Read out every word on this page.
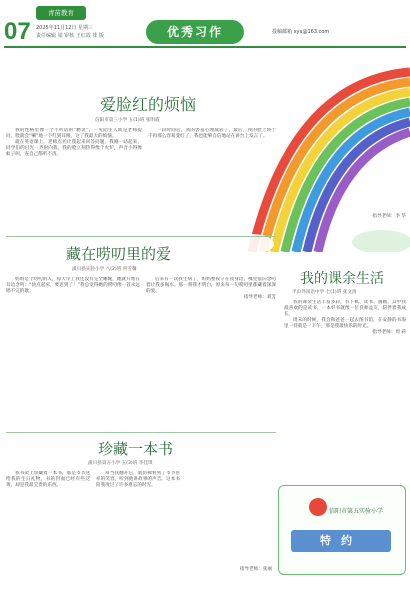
07
青苗教育
2025年11月12日 星期三
责任编辑 梁 审核 王红霞 排 版	优秀习作	投稿邮箱 xyx@163.com
爱脸红的烦恼
信阳市第三小学 五(1)班 张明霞

我的性格里像一个不听话的“精灵”，一见陌生人或是老师提问，脸就会“唰”地一下红到耳根，这了我最大的烦恼。

就在英语课上，老师点名让我起来回答问题，我刚一站起来，同学们的目光一齐射向我，我的脸立刻热得像个火炉，声音小得像蚊子叫，连自己都听不清。

一段时间后，我的害羞心理减轻了，最后，我的脸上终于不再那么容易变红了，我也能够自信地站在讲台上发言了。

指导老师：李 华

藏在唠叨里的爱
潢川县实验小学 八(2)班 何雪馨

妈妈是个唠叨的人，每天早上我还没有完全睡醒，她就开始在耳边念叨：“快点起床，要迟到了！”我总觉得她的唠叨像一首永远唱不完的歌。

后来有一次我生病了，妈妈整夜守在我身边，嘴里依旧念叨着让我多喝水。那一刻我才明白，原来每一句唠叨里都藏着深深的爱。

指导老师：刘芳

我的课余生活
平山外国语中学 七(1)班 张文清

我的课余生活丰富多彩，有下棋、读书、画画，其中我最喜欢的是读书，一本好书就像一位良师益友，陪伴着我成长。

周末的时候，我会和爸爸一起去图书馆，在安静的书海里一待就是一下午，那是我最快乐的时光。

指导老师：周 莉

珍藏一本书
潢川县第五小学 五(3)班 李佳琪

我书架上珍藏着一本书，那是爷爷送给我的生日礼物，书的封面已经有些泛黄，却是我最宝贵的东西。

每当我翻开它，就仿佛看到了爷爷慈祥的笑容，听到他讲故事的声音。这本书陪我度过了许多难忘的时光。

指导老师：张丽

信阳市第五实验小学
特约
